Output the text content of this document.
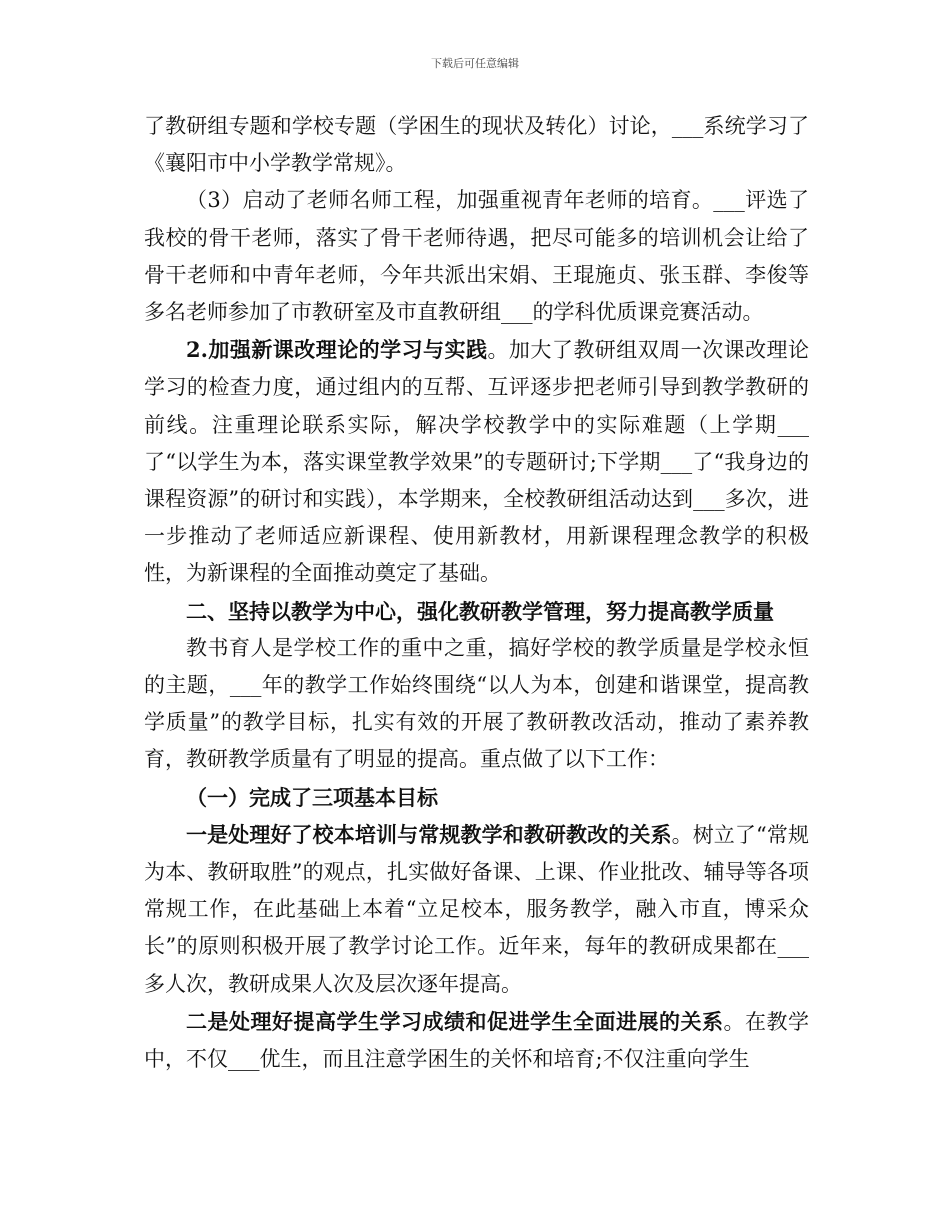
下载后可任意编辑

了教研组专题和学校专题（学困生的现状及转化）讨论，___系统学习了《襄阳市中小学教学常规》。

（3）启动了老师名师工程，加强重视青年老师的培育。___评选了我校的骨干老师，落实了骨干老师待遇，把尽可能多的培训机会让给了骨干老师和中青年老师，今年共派出宋娟、王琨施贞、张玉群、李俊等多名老师参加了市教研室及市直教研组___的学科优质课竞赛活动。

2.加强新课改理论的学习与实践。加大了教研组双周一次课改理论学习的检查力度，通过组内的互帮、互评逐步把老师引导到教学教研的前线。注重理论联系实际，解决学校教学中的实际难题（上学期___了“以学生为本，落实课堂教学效果”的专题研讨;下学期___了“我身边的课程资源”的研讨和实践），本学期来，全校教研组活动达到___多次，进一步推动了老师适应新课程、使用新教材，用新课程理念教学的积极性，为新课程的全面推动奠定了基础。

二、坚持以教学为中心，强化教研教学管理，努力提高教学质量

教书育人是学校工作的重中之重，搞好学校的教学质量是学校永恒的主题，___年的教学工作始终围绕“以人为本，创建和谐课堂，提高教学质量”的教学目标，扎实有效的开展了教研教改活动，推动了素养教育，教研教学质量有了明显的提高。重点做了以下工作：

（一）完成了三项基本目标

一是处理好了校本培训与常规教学和教研教改的关系。树立了“常规为本、教研取胜”的观点，扎实做好备课、上课、作业批改、辅导等各项常规工作，在此基础上本着“立足校本，服务教学，融入市直，博采众长”的原则积极开展了教学讨论工作。近年来，每年的教研成果都在___多人次，教研成果人次及层次逐年提高。

二是处理好提高学生学习成绩和促进学生全面进展的关系。在教学中，不仅___优生，而且注意学困生的关怀和培育;不仅注重向学生
